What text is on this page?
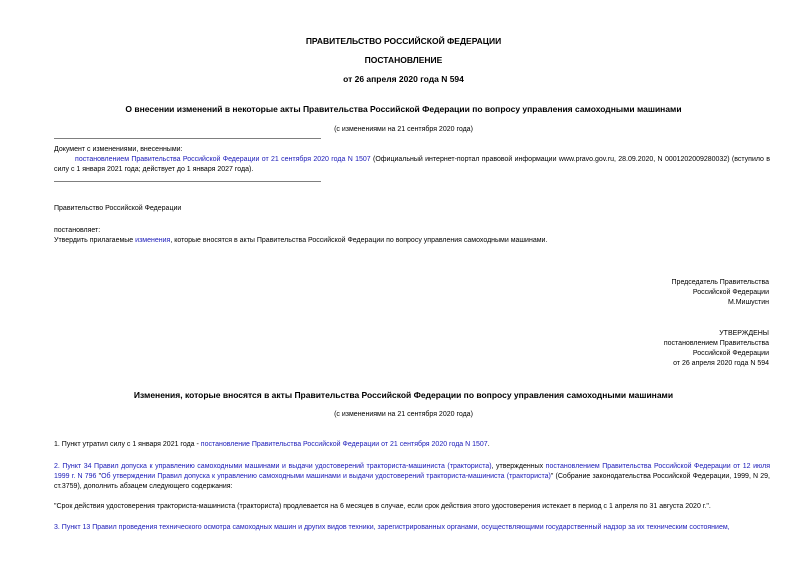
ПРАВИТЕЛЬСТВО РОССИЙСКОЙ ФЕДЕРАЦИИ
ПОСТАНОВЛЕНИЕ
от 26 апреля 2020 года N 594
О внесении изменений в некоторые акты Правительства Российской Федерации по вопросу управления самоходными машинами
(с изменениями на 21 сентября 2020 года)
Документ с изменениями, внесенными:
постановлением Правительства Российской Федерации от 21 сентября 2020 года N 1507 (Официальный интернет-портал правовой информации www.pravo.gov.ru, 28.09.2020, N 0001202009280032) (вступило в силу с 1 января 2021 года; действует до 1 января 2027 года).
Правительство Российской Федерации
постановляет:
Утвердить прилагаемые изменения, которые вносятся в акты Правительства Российской Федерации по вопросу управления самоходными машинами.
Председатель Правительства
Российской Федерации
М.Мишустин
УТВЕРЖДЕНЫ
постановлением Правительства
Российской Федерации
от 26 апреля 2020 года N 594
Изменения, которые вносятся в акты Правительства Российской Федерации по вопросу управления самоходными машинами
(с изменениями на 21 сентября 2020 года)
1. Пункт утратил силу с 1 января 2021 года - постановление Правительства Российской Федерации от 21 сентября 2020 года N 1507.
2. Пункт 34 Правил допуска к управлению самоходными машинами и выдачи удостоверений тракториста-машиниста (тракториста), утвержденных постановлением Правительства Российской Федерации от 12 июля 1999 г. N 796 "Об утверждении Правил допуска к управлению самоходными машинами и выдачи удостоверений тракториста-машиниста (тракториста)" (Собрание законодательства Российской Федерации, 1999, N 29, ст.3759), дополнить абзацем следующего содержания:
"Срок действия удостоверения тракториста-машиниста (тракториста) продлевается на 6 месяцев в случае, если срок действия этого удостоверения истекает в период с 1 апреля по 31 августа 2020 г.".
3. Пункт 13 Правил проведения технического осмотра самоходных машин и других видов техники, зарегистрированных органами, осуществляющими государственный надзор за их техническим состоянием,
